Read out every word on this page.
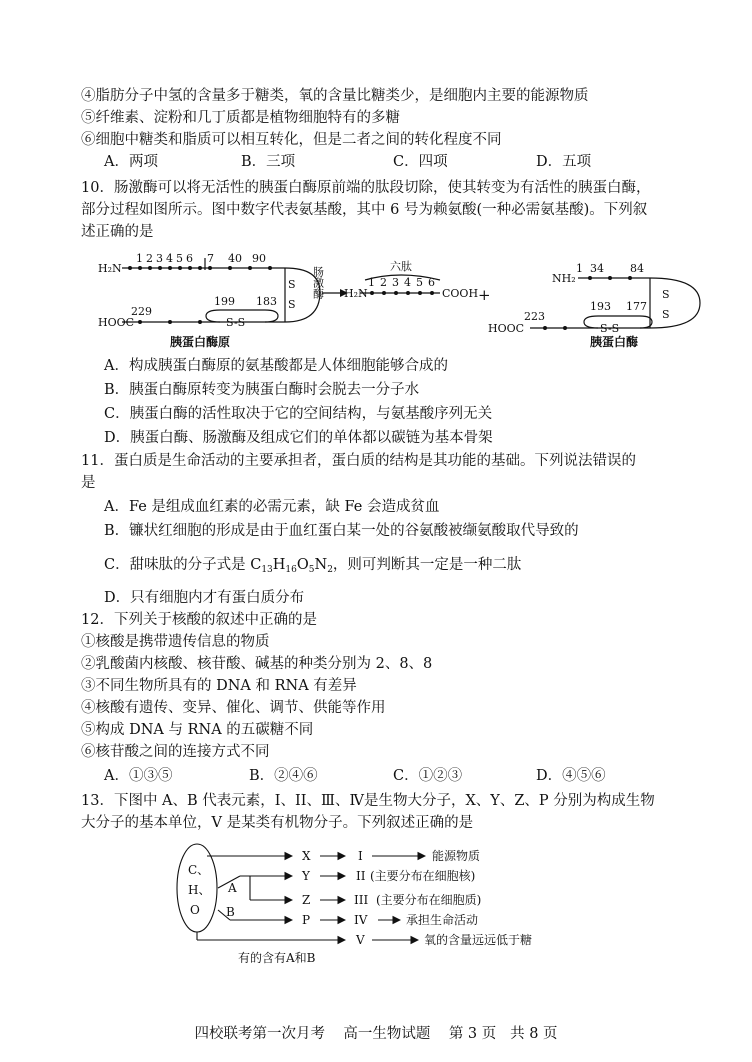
④脂肪分子中氢的含量多于糖类，氧的含量比糖类少，是细胞内主要的能源物质
⑤纤维素、淀粉和几丁质都是植物细胞特有的多糖
⑥细胞中糖类和脂质可以相互转化，但是二者之间的转化程度不同
A．两项	B．三项	C．四项	D．五项
10．肠激酶可以将无活性的胰蛋白酶原前端的肽段切除，使其转变为有活性的胰蛋白酶，
部分过程如图所示。图中数字代表氨基酸，其中 6 号为赖氨酸(一种必需氨基酸)。下列叙
述正确的是
H₂N
1 2 3 4 5 6 7 40 90
199 183
229
HOOC	S-S
S
S
肠激酶	六肽
H₂N
1 2 3 4 5 6
COOH +
NH₂
1 34 84
193 177
223
HOOC	S-S
S
S
胰蛋白酶原	胰蛋白酶
A．构成胰蛋白酶原的氨基酸都是人体细胞能够合成的
B．胰蛋白酶原转变为胰蛋白酶时会脱去一分子水
C．胰蛋白酶的活性取决于它的空间结构，与氨基酸序列无关
D．胰蛋白酶、肠激酶及组成它们的单体都以碳链为基本骨架
11．蛋白质是生命活动的主要承担者，蛋白质的结构是其功能的基础。下列说法错误的
是
A．Fe 是组成血红素的必需元素，缺 Fe 会造成贫血
B．镰状红细胞的形成是由于血红蛋白某一处的谷氨酸被缬氨酸取代导致的
C．甜味肽的分子式是 $C_{13}H_{16}O_5N_2$，则可判断其一定是一种二肽
D．只有细胞内才有蛋白质分布
12．下列关于核酸的叙述中正确的是
①核酸是携带遗传信息的物质
②乳酸菌内核酸、核苷酸、碱基的种类分别为 2、8、8
③不同生物所具有的 DNA 和 RNA 有差异
④核酸有遗传、变异、催化、调节、供能等作用
⑤构成 DNA 与 RNA 的五碳糖不同
⑥核苷酸之间的连接方式不同
A．①③⑤	B．②④⑥	C．①②③	D．④⑤⑥
13．下图中 A、B 代表元素，I、II、Ⅲ、Ⅳ是生物大分子，X、Y、Z、P 分别为构成生物
大分子的基本单位，V 是某类有机物分子。下列叙述正确的是
C、
H、
O
A
B
X
Y
Z
P
I
II
III
IV
V
能源物质
(主要分布在细胞核)
(主要分布在细胞质)
承担生命活动
氧的含量远远低于糖
有的含有A和B
四校联考第一次月考    高一生物试题    第 3 页   共 8 页
